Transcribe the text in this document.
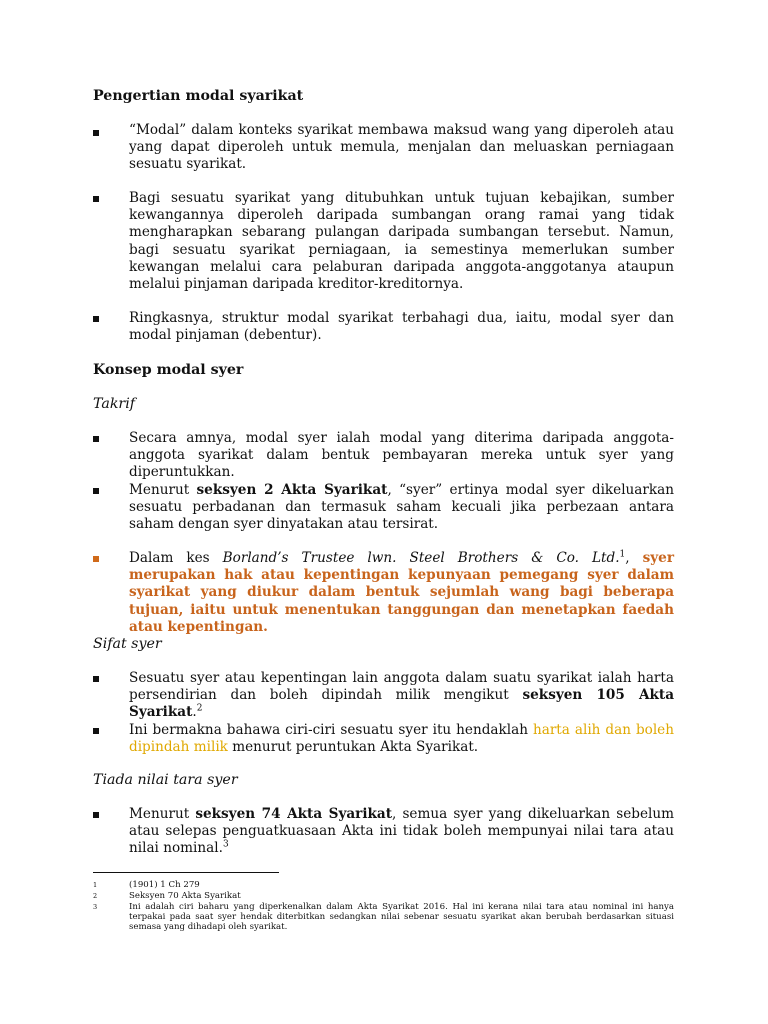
Pengertian modal syarikat
“Modal” dalam konteks syarikat membawa maksud wang yang diperoleh atau yang dapat diperoleh untuk memula, menjalan dan meluaskan perniagaan sesuatu syarikat.
Bagi sesuatu syarikat yang ditubuhkan untuk tujuan kebajikan, sumber kewangannya diperoleh daripada sumbangan orang ramai yang tidak mengharapkan sebarang pulangan daripada sumbangan tersebut. Namun, bagi sesuatu syarikat perniagaan, ia semestinya memerlukan sumber kewangan melalui cara pelaburan daripada anggota-anggotanya ataupun melalui pinjaman daripada kreditor-kreditornya.
Ringkasnya, struktur modal syarikat terbahagi dua, iaitu, modal syer dan modal pinjaman (debentur).
Konsep modal syer
Takrif
Secara amnya, modal syer ialah modal yang diterima daripada anggota-anggota syarikat dalam bentuk pembayaran mereka untuk syer yang diperuntukkan.
Menurut seksyen 2 Akta Syarikat, “syer” ertinya modal syer dikeluarkan sesuatu perbadanan dan termasuk saham kecuali jika perbezaan antara saham dengan syer dinyatakan atau tersirat.
Dalam kes Borland’s Trustee lwn. Steel Brothers & Co. Ltd.$^1$, syer merupakan hak atau kepentingan kepunyaan pemegang syer dalam syarikat yang diukur dalam bentuk sejumlah wang bagi beberapa tujuan, iaitu untuk menentukan tanggungan dan menetapkan faedah atau kepentingan.
Sifat syer
Sesuatu syer atau kepentingan lain anggota dalam suatu syarikat ialah harta persendirian dan boleh dipindah milik mengikut seksyen 105 Akta Syarikat.$^2$
Ini bermakna bahawa ciri-ciri sesuatu syer itu hendaklah harta alih dan boleh dipindah milik menurut peruntukan Akta Syarikat.
Tiada nilai tara syer
Menurut seksyen 74 Akta Syarikat, semua syer yang dikeluarkan sebelum atau selepas penguatkuasaan Akta ini tidak boleh mempunyai nilai tara atau nilai nominal.$^3$
1	(1901) 1 Ch 279
2	Seksyen 70 Akta Syarikat
3	Ini adalah ciri baharu yang diperkenalkan dalam Akta Syarikat 2016. Hal ini kerana nilai tara atau nominal ini hanya terpakai pada saat syer hendak diterbitkan sedangkan nilai sebenar sesuatu syarikat akan berubah berdasarkan situasi semasa yang dihadapi oleh syarikat.
